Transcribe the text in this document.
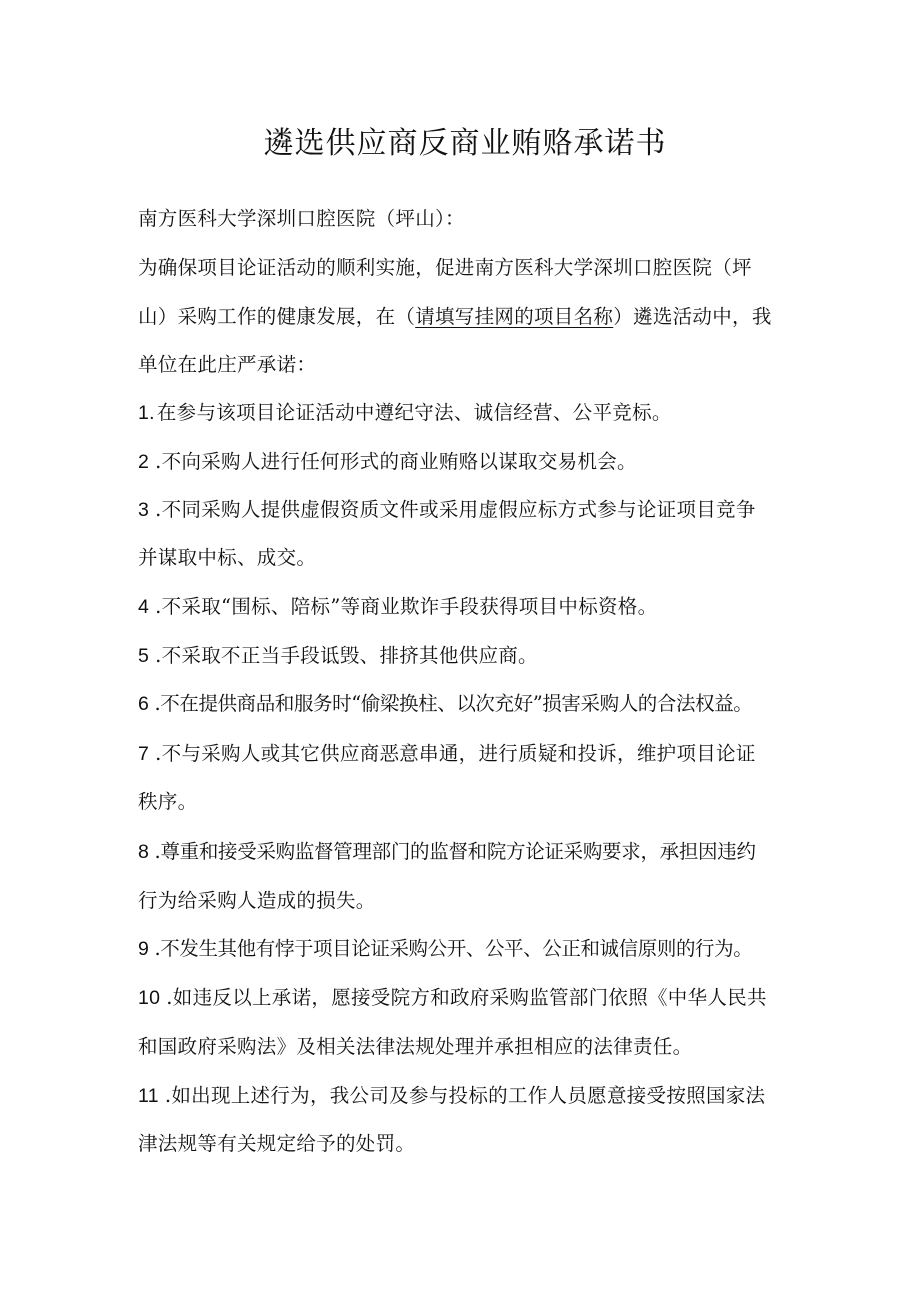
遴选供应商反商业贿赂承诺书
南方医科大学深圳口腔医院（坪山）：
为确保项目论证活动的顺利实施，促进南方医科大学深圳口腔医院（坪
山）采购工作的健康发展，在（请填写挂网的项目名称）遴选活动中，我
单位在此庄严承诺：
1. 在参与该项目论证活动中遵纪守法、诚信经营、公平竞标。
2 .不向采购人进行任何形式的商业贿赂以谋取交易机会。
3 .不同采购人提供虚假资质文件或采用虚假应标方式参与论证项目竞争
并谋取中标、成交。
4 .不采取“围标、陪标”等商业欺诈手段获得项目中标资格。
5 .不采取不正当手段诋毁、排挤其他供应商。
6 .不在提供商品和服务时“偷梁换柱、以次充好”损害采购人的合法权益。
7 .不与采购人或其它供应商恶意串通，进行质疑和投诉，维护项目论证
秩序。
8 .尊重和接受采购监督管理部门的监督和院方论证采购要求，承担因违约
行为给采购人造成的损失。
9 .不发生其他有悖于项目论证采购公开、公平、公正和诚信原则的行为。
10 .如违反以上承诺，愿接受院方和政府采购监管部门依照《中华人民共
和国政府采购法》及相关法律法规处理并承担相应的法律责任。
11 .如出现上述行为，我公司及参与投标的工作人员愿意接受按照国家法
津法规等有关规定给予的处罚。
